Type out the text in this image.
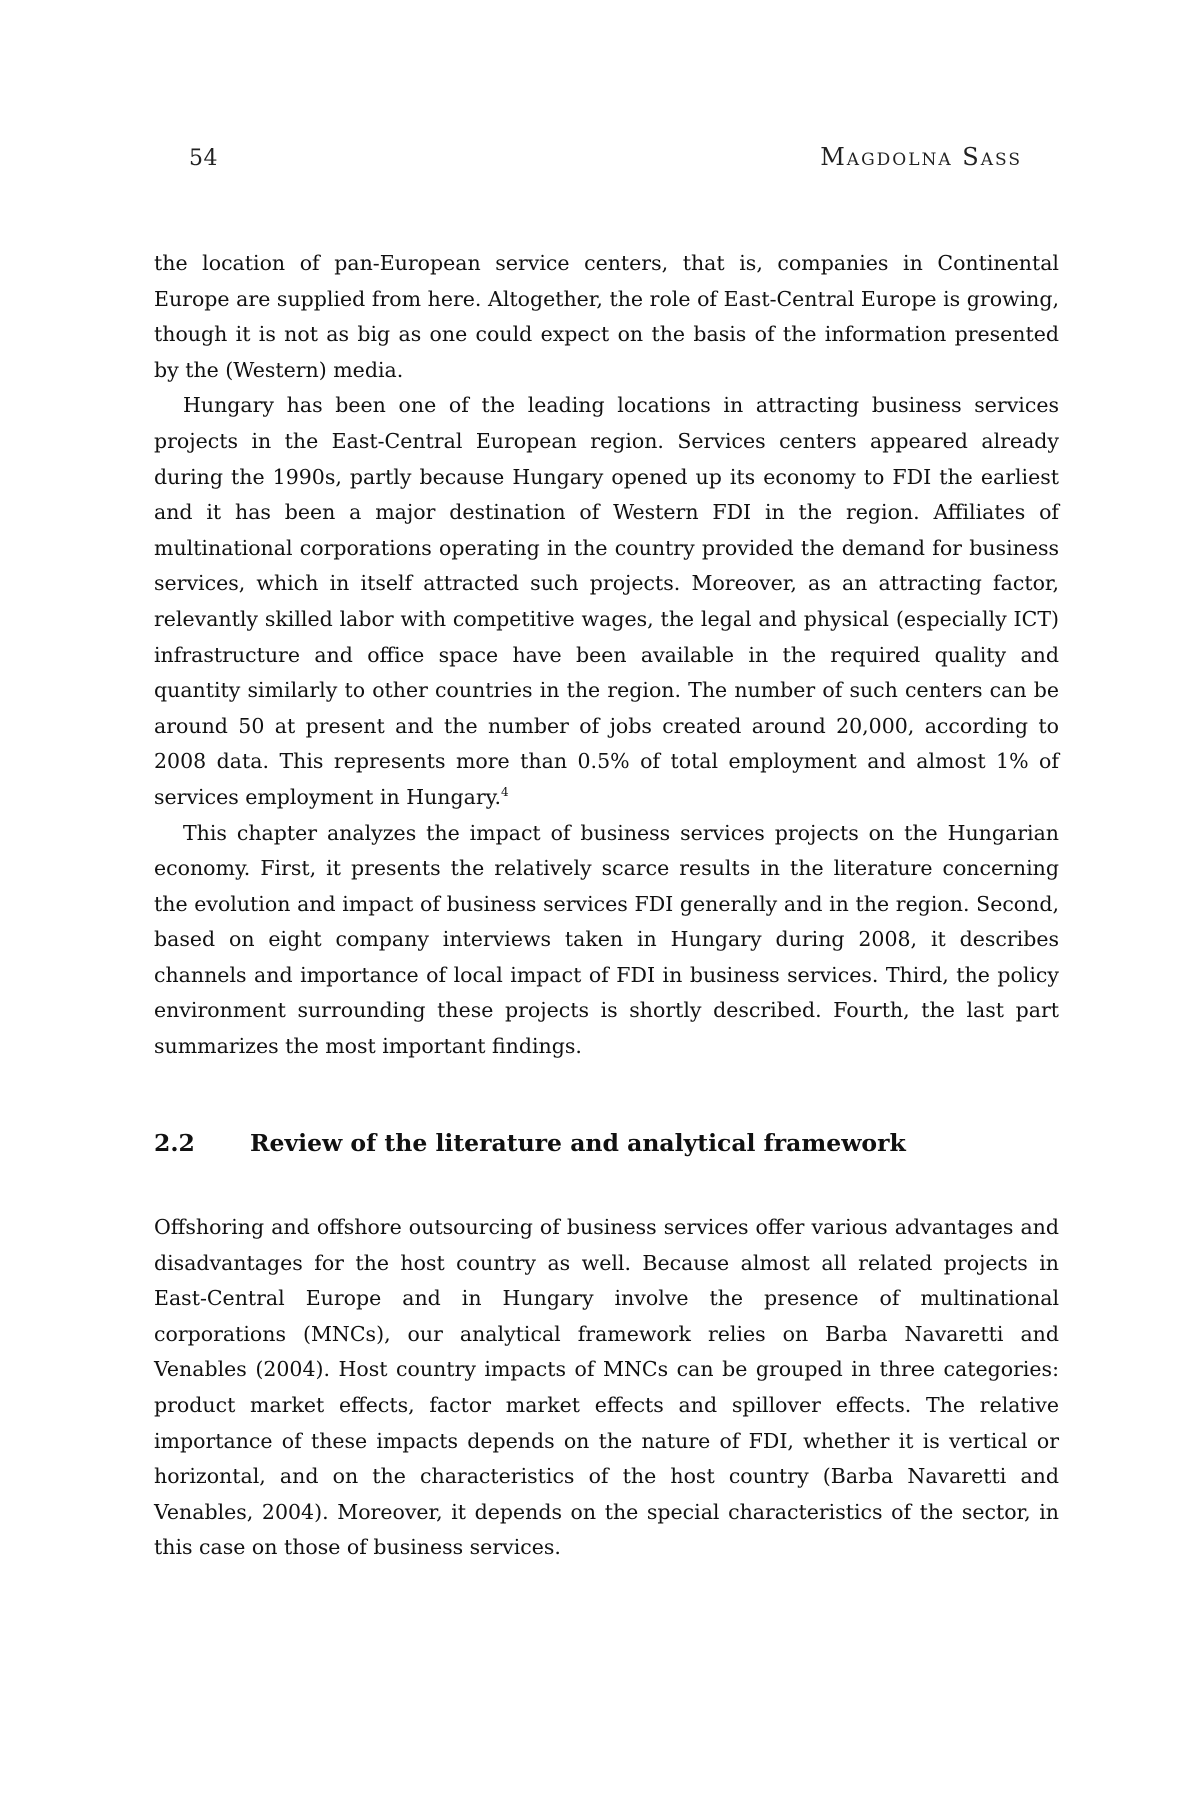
54	Magdolna Sass

the location of pan-European service centers, that is, companies in Continental Europe are supplied from here. Altogether, the role of East-Central Europe is growing, though it is not as big as one could expect on the basis of the information presented by the (Western) media.

Hungary has been one of the leading locations in attracting business services projects in the East-Central European region. Services centers appeared already during the 1990s, partly because Hungary opened up its economy to FDI the earliest and it has been a major destination of Western FDI in the region. Affiliates of multinational corporations operating in the country provided the demand for business services, which in itself attracted such projects. Moreover, as an attracting factor, relevantly skilled labor with competitive wages, the legal and physical (especially ICT) infrastructure and office space have been available in the required quality and quantity similarly to other countries in the region. The number of such centers can be around 50 at present and the number of jobs created around 20,000, according to 2008 data. This represents more than 0.5% of total employment and almost 1% of services employment in Hungary.$^4$

This chapter analyzes the impact of business services projects on the Hungarian economy. First, it presents the relatively scarce results in the literature concerning the evolution and impact of business services FDI generally and in the region. Second, based on eight company interviews taken in Hungary during 2008, it describes channels and importance of local impact of FDI in business services. Third, the policy environment surrounding these projects is shortly described. Fourth, the last part summarizes the most important findings.

2.2	Review of the literature and analytical framework

Offshoring and offshore outsourcing of business services offer various advantages and disadvantages for the host country as well. Because almost all related projects in East-Central Europe and in Hungary involve the presence of multinational corporations (MNCs), our analytical framework relies on Barba Navaretti and Venables (2004). Host country impacts of MNCs can be grouped in three categories: product market effects, factor market effects and spillover effects. The relative importance of these impacts depends on the nature of FDI, whether it is vertical or horizontal, and on the characteristics of the host country (Barba Navaretti and Venables, 2004). Moreover, it depends on the special characteristics of the sector, in this case on those of business services.
